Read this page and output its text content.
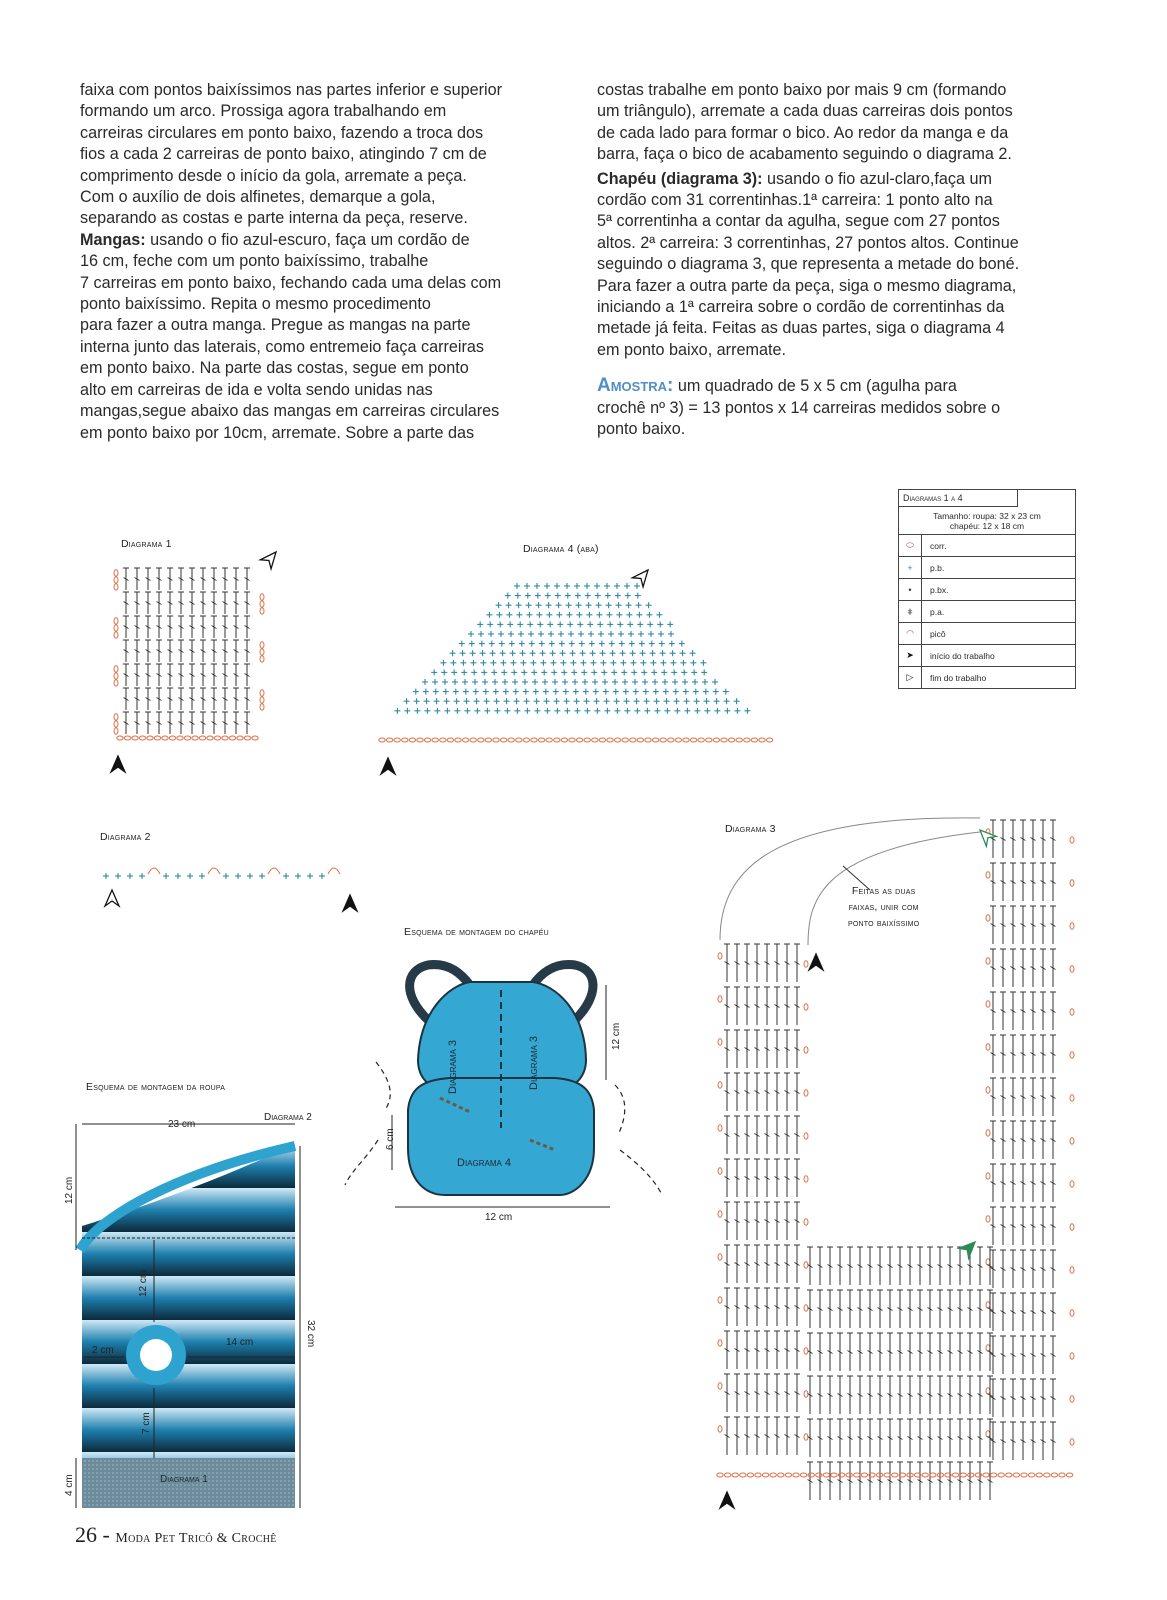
faixa com pontos baixíssimos nas partes inferior e superior

formando um arco. Prossiga agora trabalhando em

carreiras circulares em ponto baixo, fazendo a troca dos

fios a cada 2 carreiras de ponto baixo, atingindo 7 cm de

comprimento desde o início da gola, arremate a peça.

Com o auxílio de dois alfinetes, demarque a gola,

separando as costas e parte interna da peça, reserve.

Mangas: usando o fio azul-escuro, faça um cordão de

16 cm, feche com um ponto baixíssimo, trabalhe

7 carreiras em ponto baixo, fechando cada uma delas com

ponto baixíssimo. Repita o mesmo procedimento

para fazer a outra manga. Pregue as mangas na parte

interna junto das laterais, como entremeio faça carreiras

em ponto baixo. Na parte das costas, segue em ponto

alto em carreiras de ida e volta sendo unidas nas

mangas,segue abaixo das mangas em carreiras circulares

em ponto baixo por 10cm, arremate. Sobre a parte das

costas trabalhe em ponto baixo por mais 9 cm (formando

um triângulo), arremate a cada duas carreiras dois pontos

de cada lado para formar o bico. Ao redor da manga e da

barra, faça o bico de acabamento seguindo o diagrama 2.

Chapéu (diagrama 3): usando o fio azul-claro,faça um

cordão com 31 correntinhas.1ª carreira: 1 ponto alto na

5ª correntinha a contar da agulha, segue com 27 pontos

altos. 2ª carreira: 3 correntinhas, 27 pontos altos. Continue

seguindo o diagrama 3, que representa a metade do boné.

Para fazer a outra parte da peça, siga o mesmo diagrama,

iniciando a 1ª carreira sobre o cordão de correntinhas da

metade já feita. Feitas as duas partes, siga o diagrama 4

em ponto baixo, arremate.

Amostra: um quadrado de 5 x 5 cm (agulha para

crochê nº 3) = 13 pontos x 14 carreiras medidos sobre o

ponto baixo.

Diagramas 1 a 4
Tamanho: roupa: 32 x 23 cm
chapéu: 12 x 18 cm
⬭	corr.
+	p.b.
•	p.bx.
ǂ	p.a.
◠	picô
➤	início do trabalho
▷	fim do trabalho
Diagrama 1	Diagrama 4 (aba)
Diagrama 2
Diagrama 3
Feitas as duas
faixas, unir com
ponto baixíssimo
Esquema de montagem do chapéu
Esquema de montagem da roupa	Diagrama 3	Diagrama 3
Diagrama 4
12 cm
6 cm
12 cm
23 cm
Diagrama 2
12 cm
12 cm
32 cm
2 cm
14 cm
7 cm
4 cm	Diagrama 1
26 - Moda Pet Tricô & Crochê
